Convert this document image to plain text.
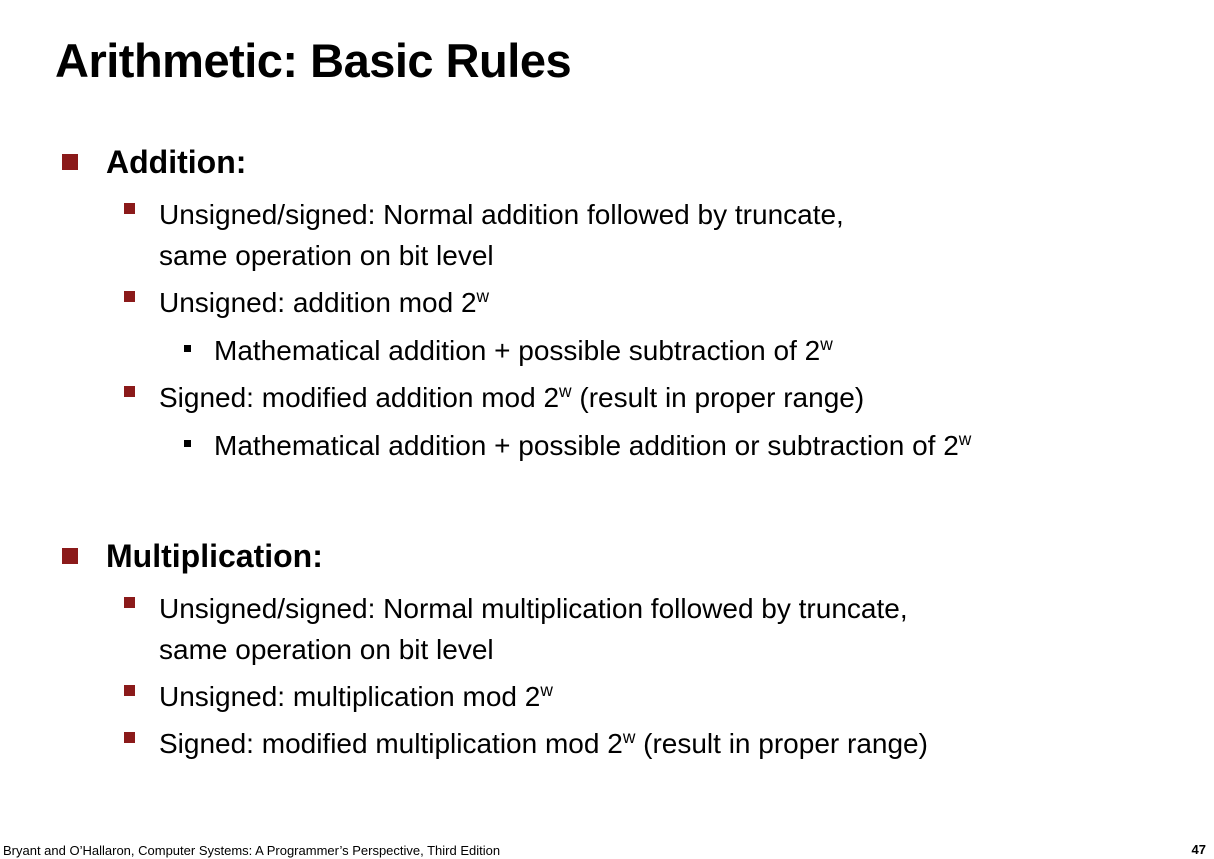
Arithmetic: Basic Rules
Addition:
Unsigned/signed: Normal addition followed by truncate,
same operation on bit level
Unsigned: addition mod 2$^w$
Mathematical addition + possible subtraction of 2$^w$
Signed: modified addition mod 2$^w$ (result in proper range)
Mathematical addition + possible addition or subtraction of 2$^w$
Multiplication:
Unsigned/signed: Normal multiplication followed by truncate,
same operation on bit level
Unsigned: multiplication mod 2$^w$
Signed: modified multiplication mod 2$^w$ (result in proper range)
Bryant and O’Hallaron, Computer Systems: A Programmer’s Perspective, Third Edition	47
